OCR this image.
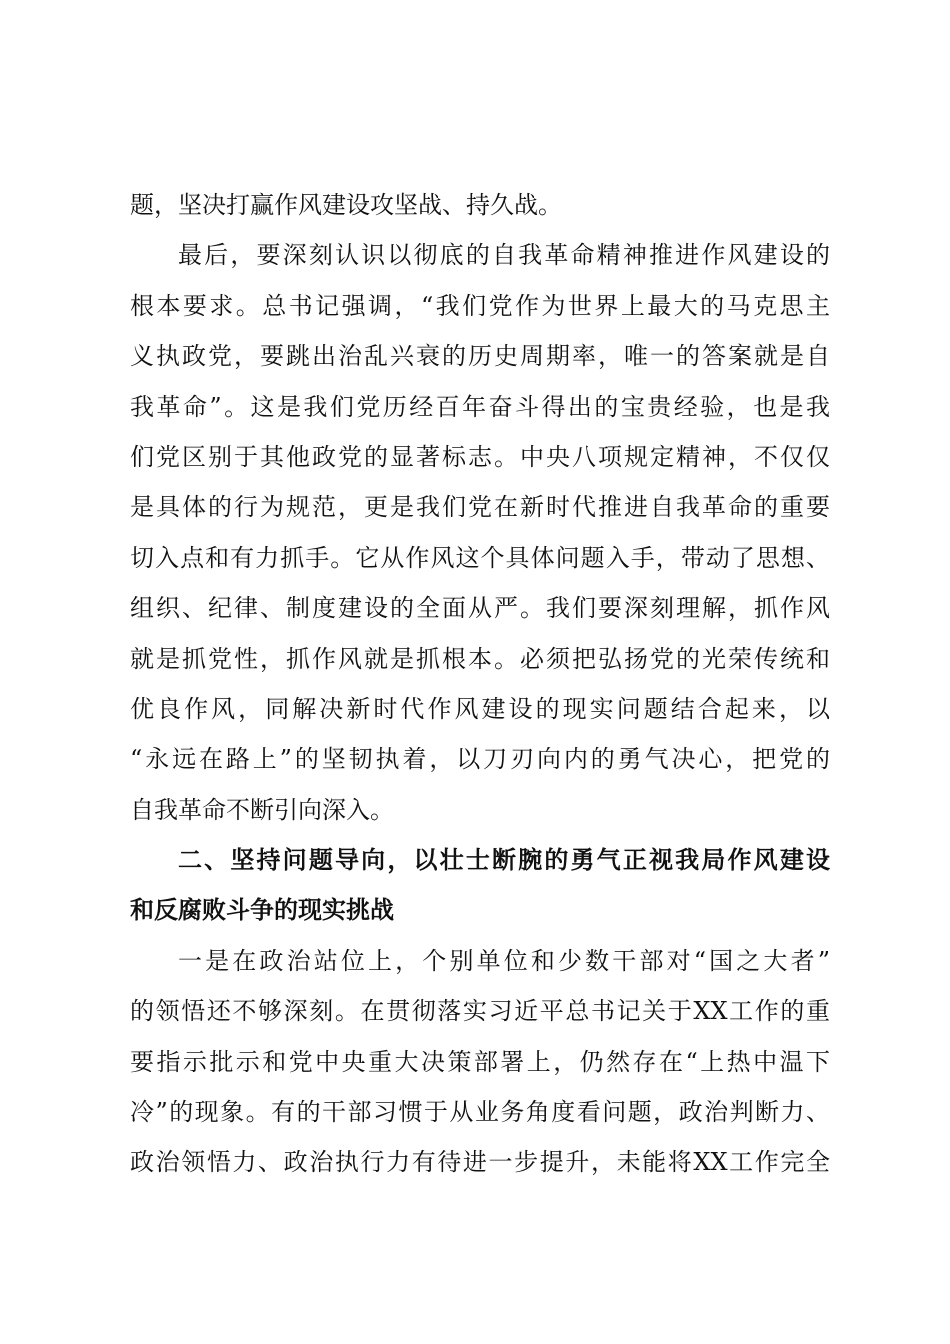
题，坚决打赢作风建设攻坚战、持久战。
最后，要深刻认识以彻底的自我革命精神推进作风建设的
根本要求。总书记强调，“我们党作为世界上最大的马克思主
义执政党，要跳出治乱兴衰的历史周期率，唯一的答案就是自
我革命”。这是我们党历经百年奋斗得出的宝贵经验，也是我
们党区别于其他政党的显著标志。中央八项规定精神，不仅仅
是具体的行为规范，更是我们党在新时代推进自我革命的重要
切入点和有力抓手。它从作风这个具体问题入手，带动了思想、
组织、纪律、制度建设的全面从严。我们要深刻理解，抓作风
就是抓党性，抓作风就是抓根本。必须把弘扬党的光荣传统和
优良作风，同解决新时代作风建设的现实问题结合起来，以
“永远在路上”的坚韧执着，以刀刃向内的勇气决心，把党的
自我革命不断引向深入。
二、坚持问题导向，以壮士断腕的勇气正视我局作风建设
和反腐败斗争的现实挑战
一是在政治站位上，个别单位和少数干部对“国之大者”
的领悟还不够深刻。在贯彻落实习近平总书记关于XX工作的重
要指示批示和党中央重大决策部署上，仍然存在“上热中温下
冷”的现象。有的干部习惯于从业务角度看问题，政治判断力、
政治领悟力、政治执行力有待进一步提升，未能将XX工作完全
